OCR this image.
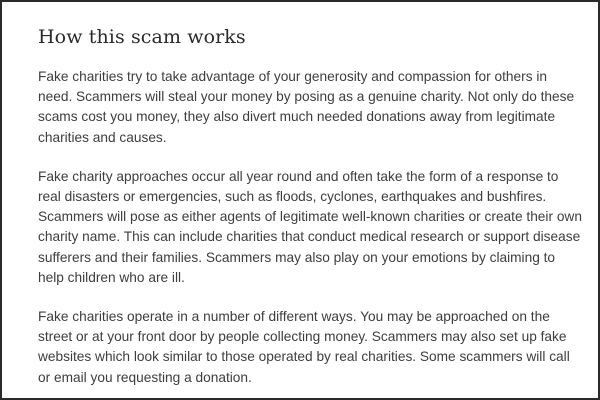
How this scam works

Fake charities try to take advantage of your generosity and compassion for others in need. Scammers will steal your money by posing as a genuine charity. Not only do these scams cost you money, they also divert much needed donations away from legitimate charities and causes.

Fake charity approaches occur all year round and often take the form of a response to real disasters or emergencies, such as floods, cyclones, earthquakes and bushfires. Scammers will pose as either agents of legitimate well-known charities or create their own charity name. This can include charities that conduct medical research or support disease sufferers and their families. Scammers may also play on your emotions by claiming to help children who are ill.

Fake charities operate in a number of different ways. You may be approached on the street or at your front door by people collecting money. Scammers may also set up fake websites which look similar to those operated by real charities. Some scammers will call or email you requesting a donation.
